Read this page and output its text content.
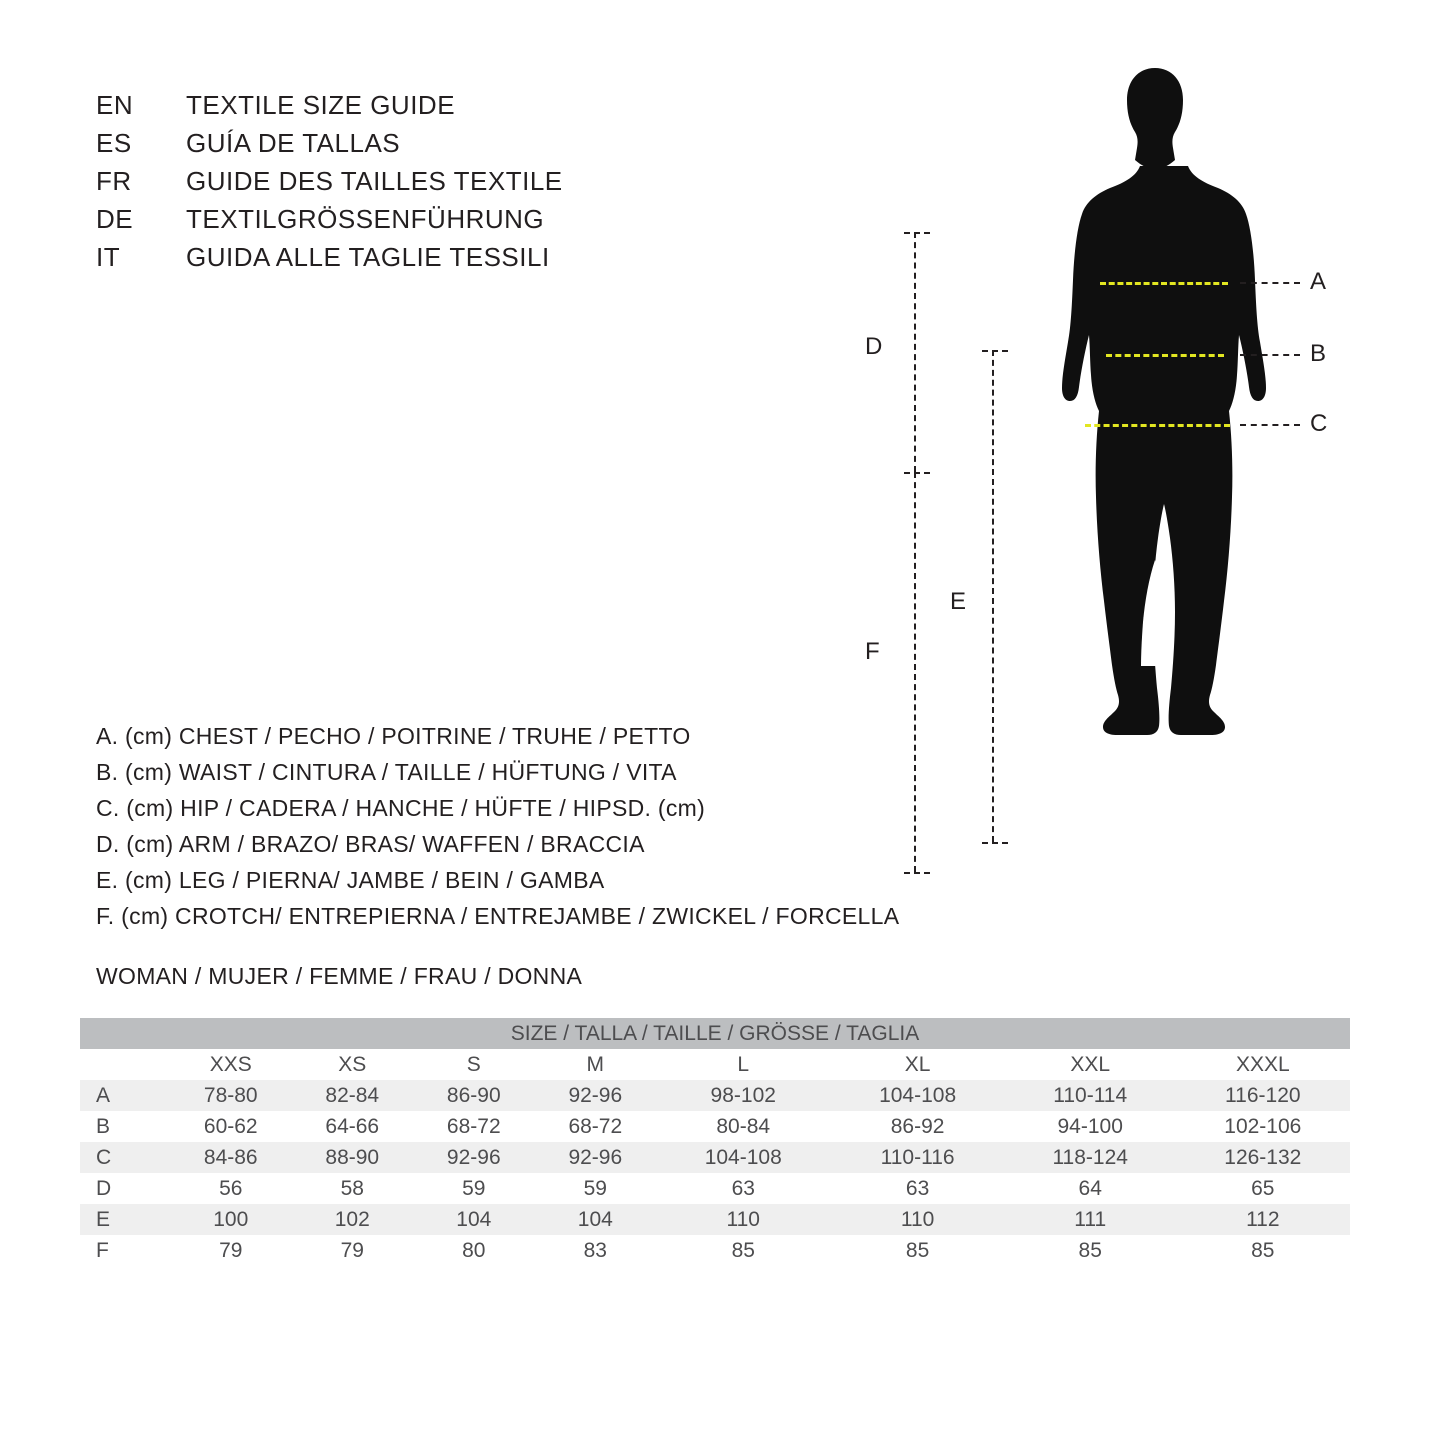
EN	TEXTILE SIZE GUIDE
ES	GUÍA DE TALLAS
FR	GUIDE DES TAILLES TEXTILE
DE	TEXTILGRÖSSENFÜHRUNG
IT	GUIDA ALLE TAGLIE TESSILI
A. (cm) CHEST / PECHO / POITRINE / TRUHE / PETTO
B. (cm) WAIST / CINTURA / TAILLE / HÜFTUNG / VITA
C. (cm) HIP / CADERA / HANCHE / HÜFTE / HIPSD. (cm)
D. (cm) ARM / BRAZO/ BRAS/ WAFFEN / BRACCIA
E. (cm) LEG / PIERNA/ JAMBE / BEIN / GAMBA
F. (cm) CROTCH/ ENTREPIERNA / ENTREJAMBE / ZWICKEL / FORCELLA
WOMAN / MUJER / FEMME / FRAU / DONNA
SIZE / TALLA / TAILLE / GRÖSSE / TAGLIA								
	XXS	XS	S	M	L	XL	XXL	XXXL
A	78-80	82-84	86-90	92-96	98-102	104-108	110-114	116-120
B	60-62	64-66	68-72	68-72	80-84	86-92	94-100	102-106
C	84-86	88-90	92-96	92-96	104-108	110-116	118-124	126-132
D	56	58	59	59	63	63	64	65
E	100	102	104	104	110	110	111	112
F	79	79	80	83	85	85	85	85
A
B
C
D
F
E
